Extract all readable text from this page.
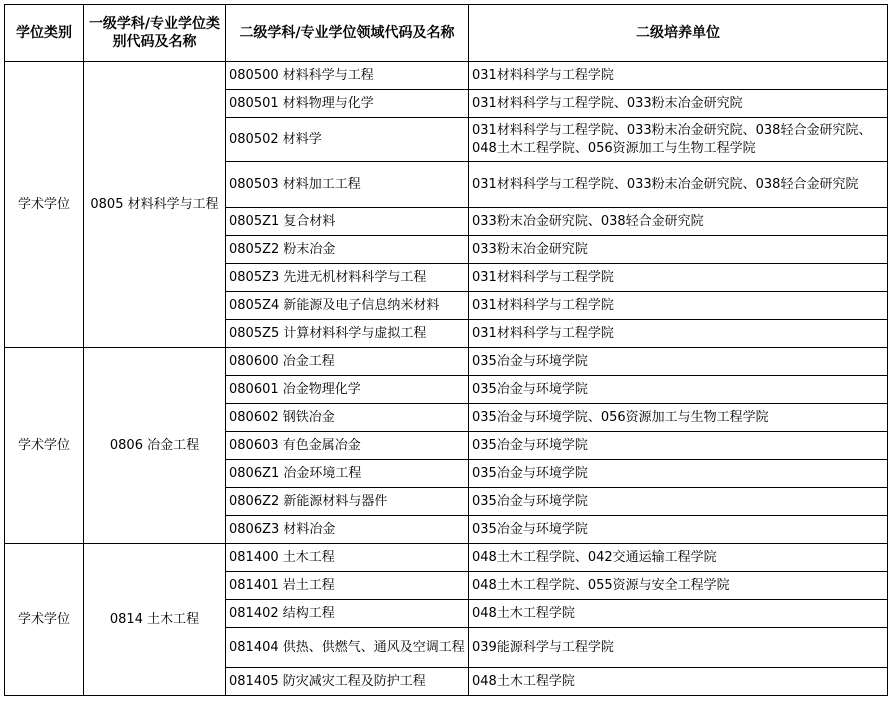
学位类别	一级学科/专业学位类别代码及名称	二级学科/专业学位领域代码及名称	二级培养单位
学术学位	0805 材料科学与工程	080500 材料科学与工程	031材料科学与工程学院
		080501 材料物理与化学	031材料科学与工程学院、033粉末冶金研究院
		080502 材料学	031材料科学与工程学院、033粉末冶金研究院、038轻合金研究院、048土木工程学院、056资源加工与生物工程学院
		080503 材料加工工程	031材料科学与工程学院、033粉末冶金研究院、038轻合金研究院
		0805Z1 复合材料	033粉末冶金研究院、038轻合金研究院
		0805Z2 粉末冶金	033粉末冶金研究院
		0805Z3 先进无机材料科学与工程	031材料科学与工程学院
		0805Z4 新能源及电子信息纳米材料	031材料科学与工程学院
		0805Z5 计算材料科学与虚拟工程	031材料科学与工程学院
学术学位	0806 冶金工程	080600 冶金工程	035冶金与环境学院
		080601 冶金物理化学	035冶金与环境学院
		080602 钢铁冶金	035冶金与环境学院、056资源加工与生物工程学院
		080603 有色金属冶金	035冶金与环境学院
		0806Z1 冶金环境工程	035冶金与环境学院
		0806Z2 新能源材料与器件	035冶金与环境学院
		0806Z3 材料冶金	035冶金与环境学院
学术学位	0814 土木工程	081400 土木工程	048土木工程学院、042交通运输工程学院
		081401 岩土工程	048土木工程学院、055资源与安全工程学院
		081402 结构工程	048土木工程学院
		081404 供热、供燃气、通风及空调工程	039能源科学与工程学院
		081405 防灾减灾工程及防护工程	048土木工程学院
